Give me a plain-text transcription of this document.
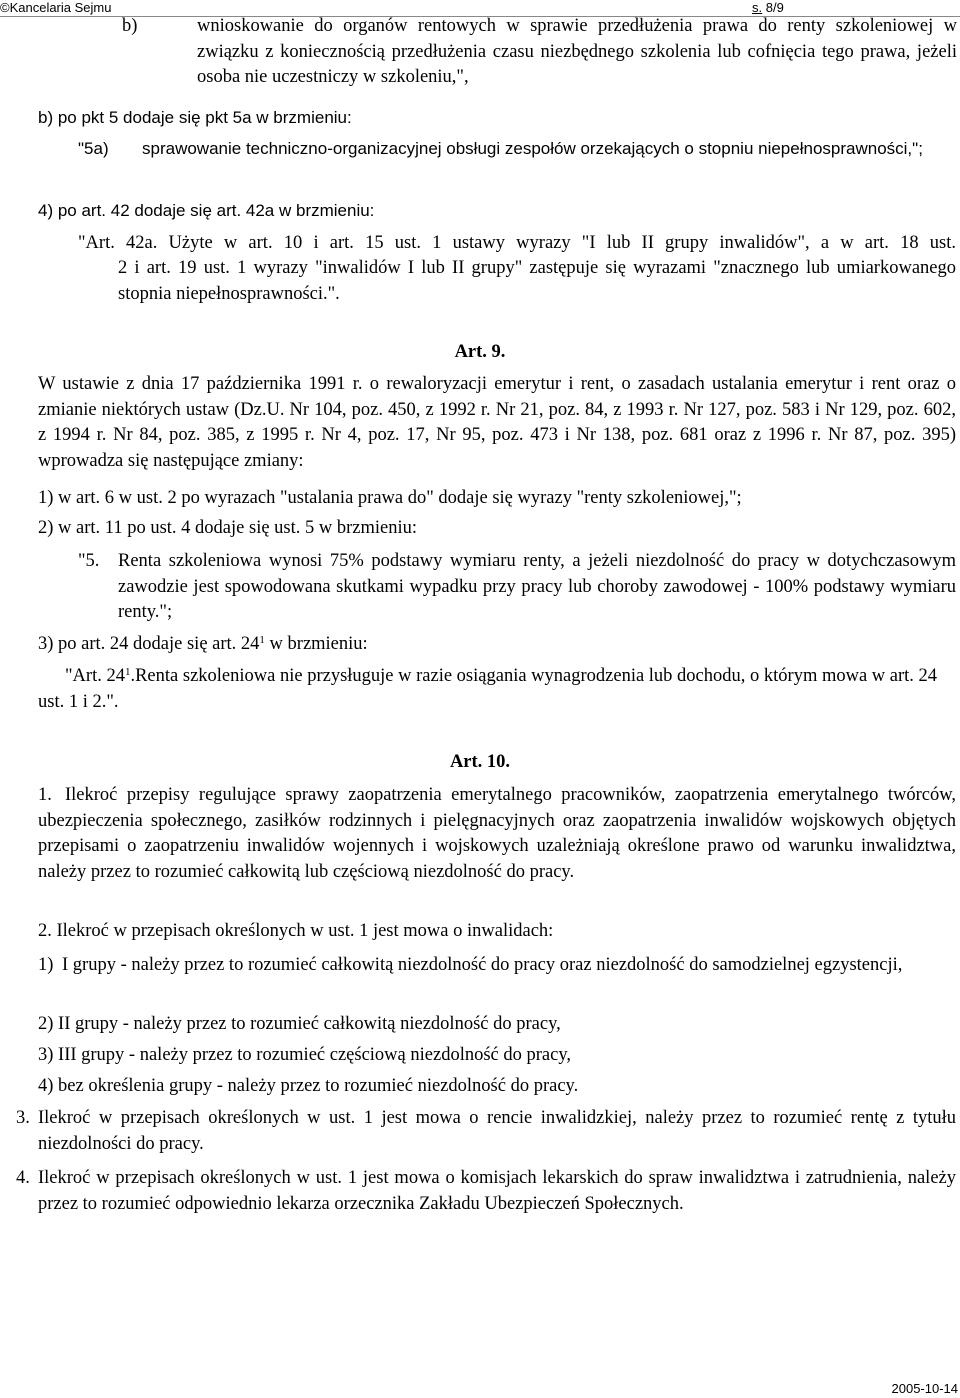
©Kancelaria Sejmu	s. 8/9

b)	wnioskowanie do organów rentowych w sprawie przedłużenia prawa do renty szkoleniowej w związku z koniecznością przedłużenia czasu niezbędnego szkolenia lub cofnięcia tego prawa, jeżeli osoba nie uczestniczy w szkoleniu,",

b) po pkt 5 dodaje się pkt 5a w brzmieniu:

"5a)	sprawowanie techniczno-organizacyjnej obsługi zespołów orzekających o stopniu niepełnosprawności,";

4) po art. 42 dodaje się art. 42a w brzmieniu:

"Art. 42a. Użyte w art. 10 i art. 15 ust. 1 ustawy wyrazy "I lub II grupy inwalidów", a w art. 18 ust.

2 i art. 19 ust. 1 wyrazy "inwalidów I lub II grupy" zastępuje się wyrazami "znacznego lub umiarkowanego stopnia niepełnosprawności.".

Art. 9.

W ustawie z dnia 17 października 1991 r. o rewaloryzacji emerytur i rent, o zasadach ustalania emerytur i rent oraz o zmianie niektórych ustaw (Dz.U. Nr 104, poz. 450, z 1992 r. Nr 21, poz. 84, z 1993 r. Nr 127, poz. 583 i Nr 129, poz. 602, z 1994 r. Nr 84, poz. 385, z 1995 r. Nr 4, poz. 17, Nr 95, poz. 473 i Nr 138, poz. 681 oraz z 1996 r. Nr 87, poz. 395) wprowadza się następujące zmiany:

1) w art. 6 w ust. 2 po wyrazach "ustalania prawa do" dodaje się wyrazy "renty szkoleniowej,";

2) w art. 11 po ust. 4 dodaje się ust. 5 w brzmieniu:

"5. Renta szkoleniowa wynosi 75% podstawy wymiaru renty, a jeżeli niezdolność do pracy w dotychczasowym zawodzie jest spowodowana skutkami wypadku przy pracy lub choroby zawodowej - 100% podstawy wymiaru renty.";

3) po art. 24 dodaje się art. $24^1$ w brzmieniu:

"Art. $24^1.Renta$ szkoleniowa nie przysługuje w razie osiągania wynagrodzenia lub dochodu, o którym mowa w art. 24 ust. 1 i 2.".

Art. 10.

1. Ilekroć przepisy regulujące sprawy zaopatrzenia emerytalnego pracowników, zaopatrzenia emerytalnego twórców, ubezpieczenia społecznego, zasiłków rodzinnych i pielęgnacyjnych oraz zaopatrzenia inwalidów wojskowych objętych przepisami o zaopatrzeniu inwalidów wojennych i wojskowych uzależniają określone prawo od warunku inwalidztwa, należy przez to rozumieć całkowitą lub częściową niezdolność do pracy.

2. Ilekroć w przepisach określonych w ust. 1 jest mowa o inwalidach:

1) I grupy - należy przez to rozumieć całkowitą niezdolność do pracy oraz niezdolność do samodzielnej egzystencji,

2) II grupy - należy przez to rozumieć całkowitą niezdolność do pracy,

3) III grupy - należy przez to rozumieć częściową niezdolność do pracy,

4) bez określenia grupy - należy przez to rozumieć niezdolność do pracy.

3. Ilekroć w przepisach określonych w ust. 1 jest mowa o rencie inwalidzkiej, należy przez to rozumieć rentę z tytułu niezdolności do pracy.

4. Ilekroć w przepisach określonych w ust. 1 jest mowa o komisjach lekarskich do spraw inwalidztwa i zatrudnienia, należy przez to rozumieć odpowiednio lekarza orzecznika Zakładu Ubezpieczeń Społecznych.

2005-10-14
